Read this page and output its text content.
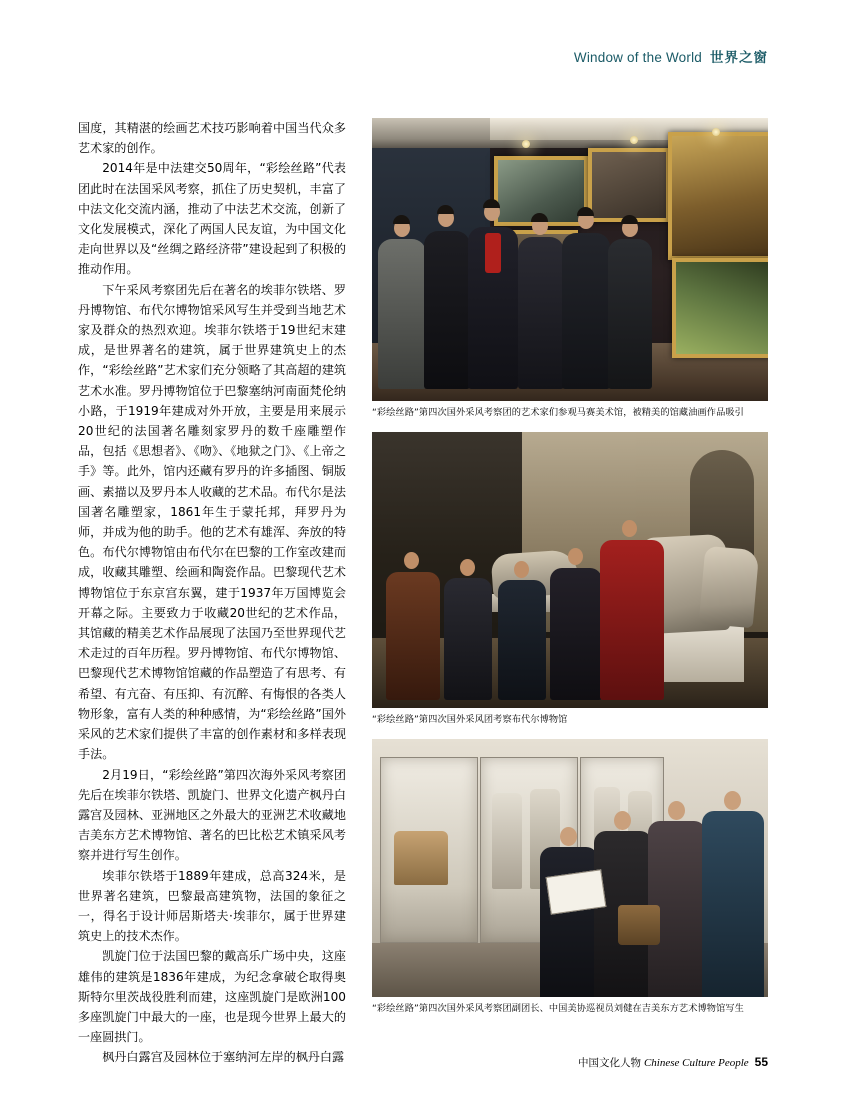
Window of the World 世界之窗

国度，其精湛的绘画艺术技巧影响着中国当代众多艺术家的创作。

2014年是中法建交50周年，“彩绘丝路”代表团此时在法国采风考察，抓住了历史契机，丰富了中法文化交流内涵，推动了中法艺术交流，创新了文化发展模式，深化了两国人民友谊，为中国文化走向世界以及“丝绸之路经济带”建设起到了积极的推动作用。

下午采风考察团先后在著名的埃菲尔铁塔、罗丹博物馆、布代尔博物馆采风写生并受到当地艺术家及群众的热烈欢迎。埃菲尔铁塔于19世纪末建成，是世界著名的建筑，属于世界建筑史上的杰作，“彩绘丝路”艺术家们充分领略了其高超的建筑艺术水准。罗丹博物馆位于巴黎塞纳河南面梵伦纳小路，于1919年建成对外开放，主要是用来展示20世纪的法国著名雕刻家罗丹的数千座雕塑作品，包括《思想者》、《吻》、《地狱之门》、《上帝之手》等。此外，馆内还藏有罗丹的许多插图、铜版画、素描以及罗丹本人收藏的艺术品。布代尔是法国著名雕塑家，1861年生于蒙托邦，拜罗丹为师，并成为他的助手。他的艺术有雄浑、奔放的特色。布代尔博物馆由布代尔在巴黎的工作室改建而成，收藏其雕塑、绘画和陶瓷作品。巴黎现代艺术博物馆位于东京宫东翼，建于1937年万国博览会开幕之际。主要致力于收藏20世纪的艺术作品，其馆藏的精美艺术作品展现了法国乃至世界现代艺术走过的百年历程。罗丹博物馆、布代尔博物馆、巴黎现代艺术博物馆馆藏的作品塑造了有思考、有希望、有亢奋、有压抑、有沉醉、有悔恨的各类人物形象，富有人类的种种感情，为“彩绘丝路”国外采风的艺术家们提供了丰富的创作素材和多样表现手法。

2月19日，“彩绘丝路”第四次海外采风考察团先后在埃菲尔铁塔、凯旋门、世界文化遗产枫丹白露宫及园林、亚洲地区之外最大的亚洲艺术收藏地吉美东方艺术博物馆、著名的巴比松艺术镇采风考察并进行写生创作。

埃菲尔铁塔于1889年建成，总高324米，是世界著名建筑，巴黎最高建筑物，法国的象征之一，得名于设计师居斯塔夫·埃菲尔，属于世界建筑史上的技术杰作。

凯旋门位于法国巴黎的戴高乐广场中央，这座雄伟的建筑是1836年建成，为纪念拿破仑取得奥斯特尔里茨战役胜利而建，这座凯旋门是欧洲100多座凯旋门中最大的一座，也是现今世界上最大的一座圆拱门。

枫丹白露宫及园林位于塞纳河左岸的枫丹白露

“彩绘丝路”第四次国外采风考察团的艺术家们参观马赛美术馆，被精美的馆藏油画作品吸引
“彩绘丝路”第四次国外采风团考察布代尔博物馆
“彩绘丝路”第四次国外采风考察团副团长、中国美协巡视员刘健在吉美东方艺术博物馆写生
中国文化人物 Chinese Culture People 55
